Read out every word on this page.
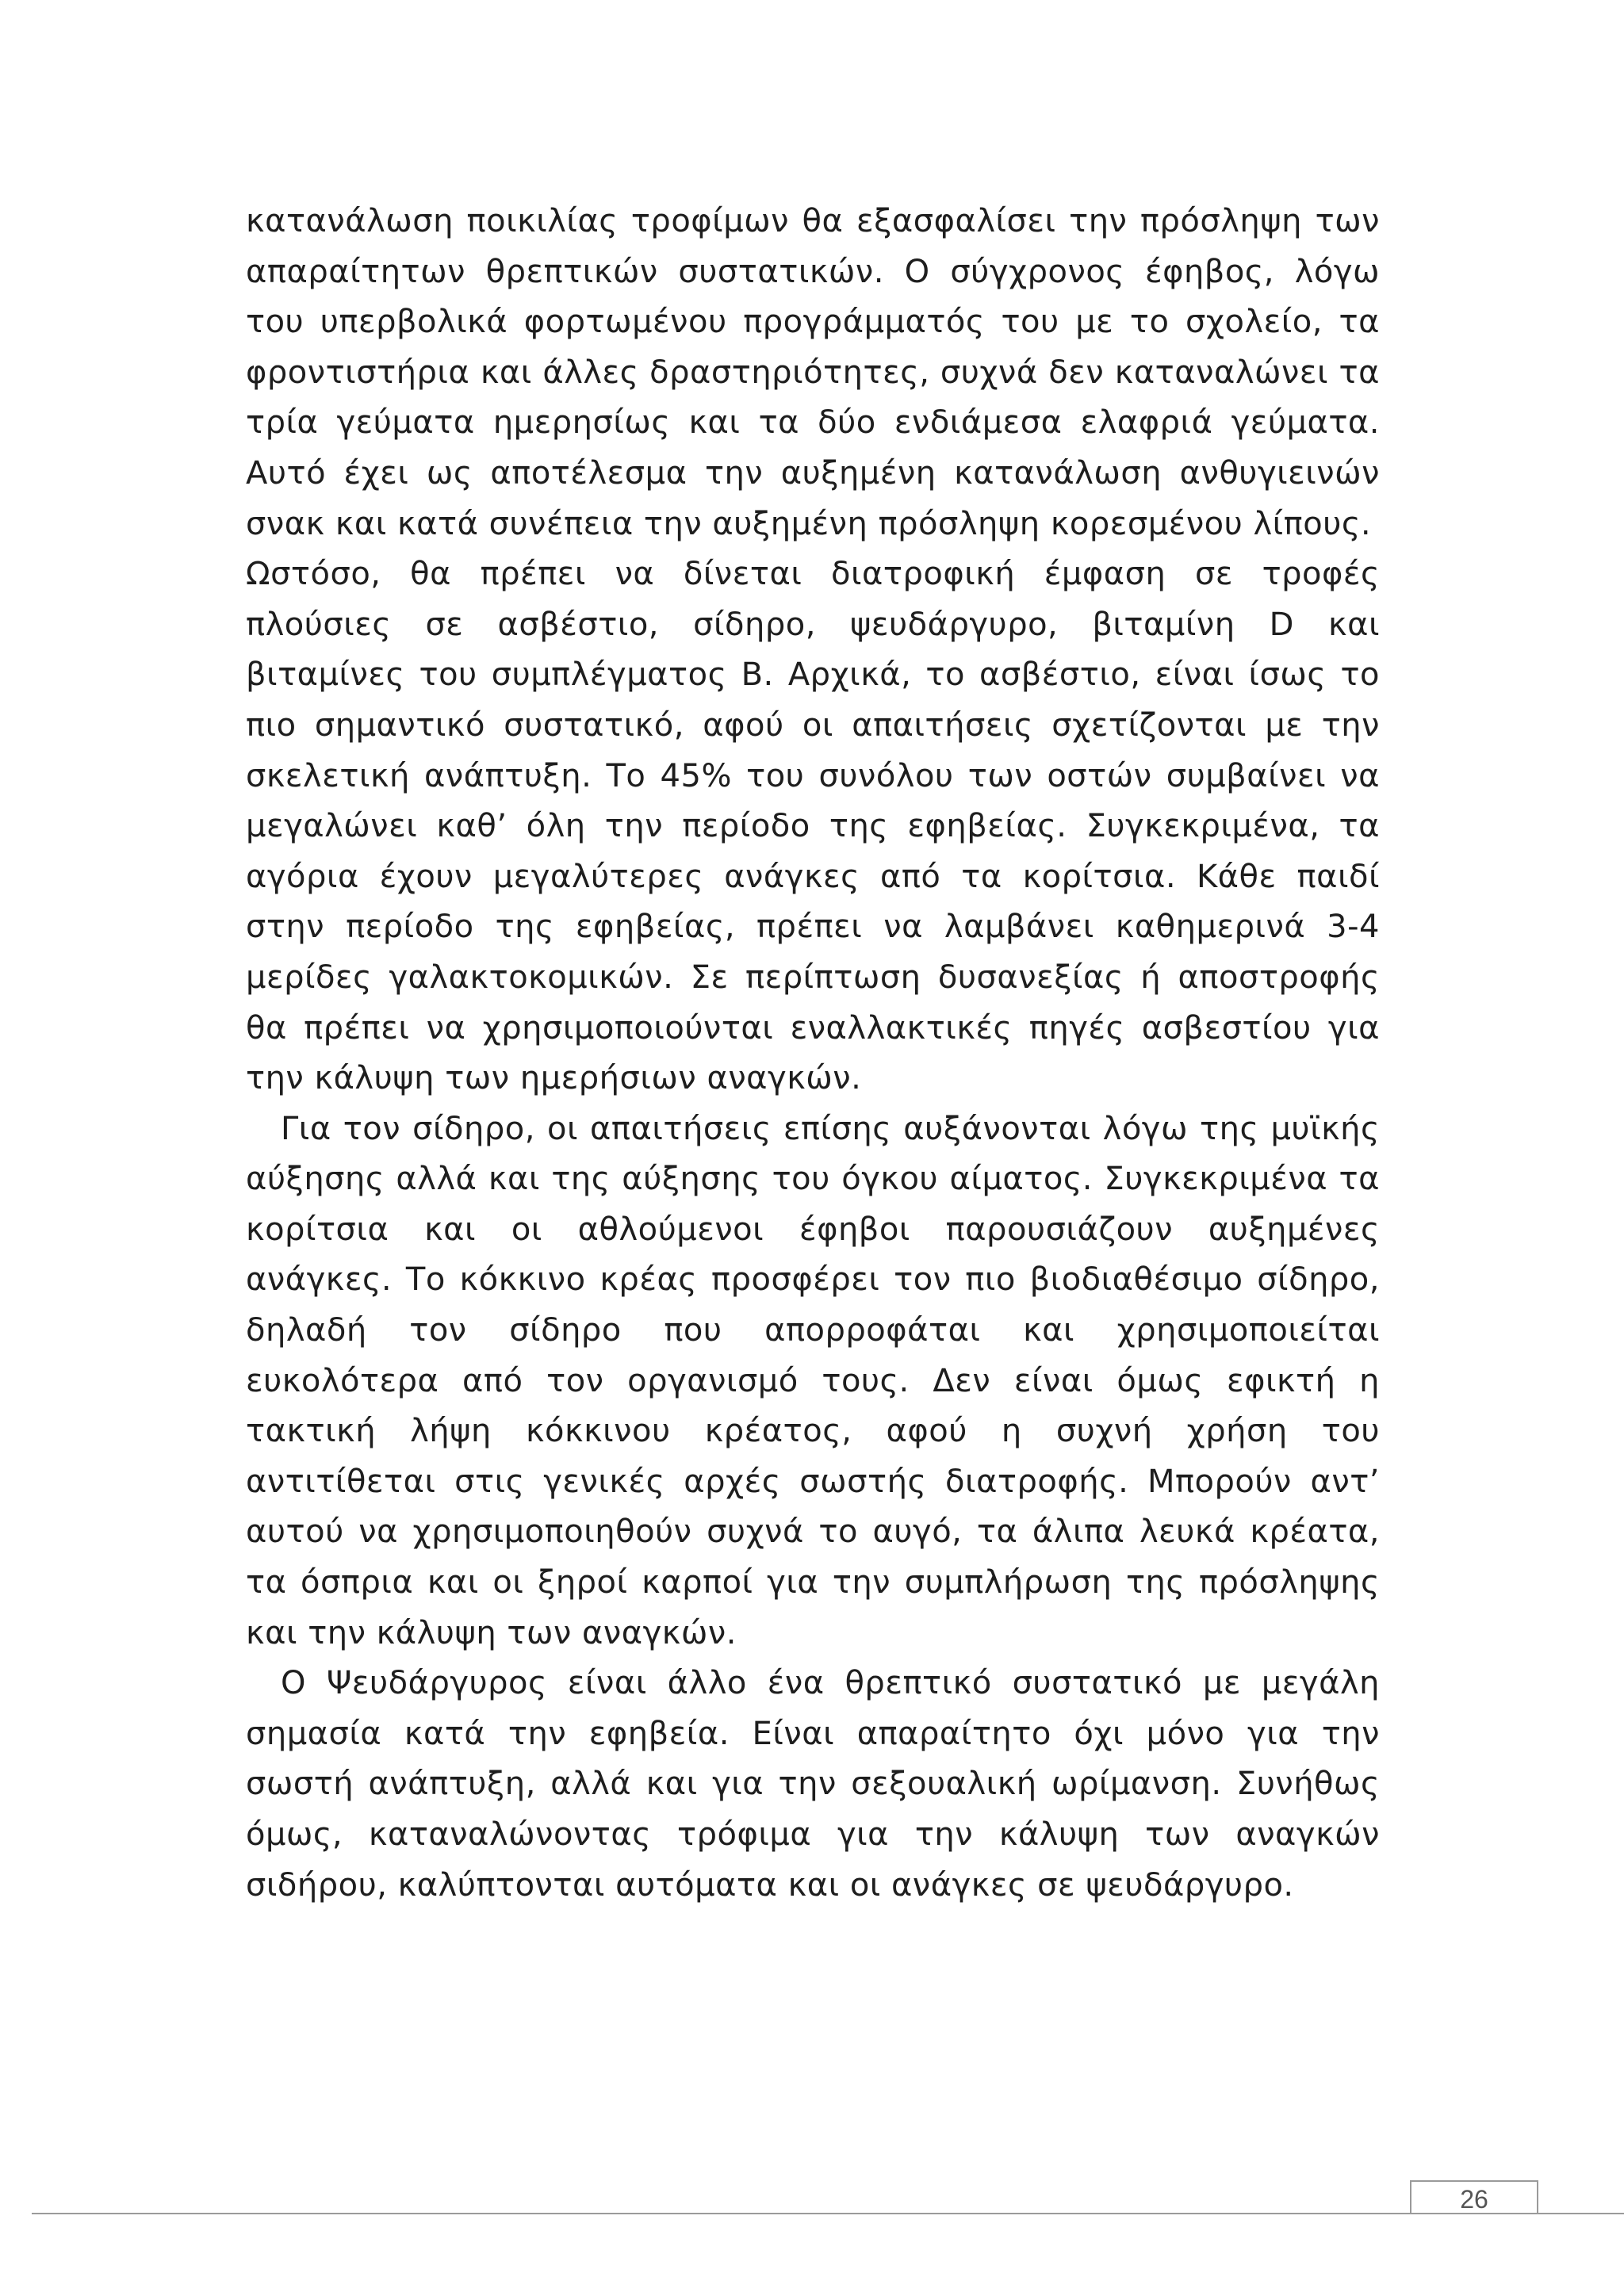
κατανάλωση ποικιλίας τροφίμων θα εξασφαλίσει την πρόσληψη των απαραίτητων θρεπτικών συστατικών. Ο σύγχρονος έφηβος, λόγω του υπερβολικά φορτωμένου προγράμματός του με το σχολείο, τα φροντιστήρια και άλλες δραστηριότητες, συχνά δεν καταναλώνει τα τρία γεύματα ημερησίως και τα δύο ενδιάμεσα ελαφριά γεύματα. Αυτό έχει ως αποτέλεσμα την αυξημένη κατανάλωση ανθυγιεινών σνακ και κατά συνέπεια την αυξημένη πρόσληψη κορεσμένου λίπους.

Ωστόσο, θα πρέπει να δίνεται διατροφική έμφαση σε τροφές πλούσιες σε ασβέστιο, σίδηρο, ψευδάργυρο, βιταμίνη D και βιταμίνες του συμπλέγματος Β. Αρχικά, το ασβέστιο, είναι ίσως το πιο σημαντικό συστατικό, αφού οι απαιτήσεις σχετίζονται με την σκελετική ανάπτυξη. Το 45% του συνόλου των οστών συμβαίνει να μεγαλώνει καθ’ όλη την περίοδο της εφηβείας. Συγκεκριμένα, τα αγόρια έχουν μεγαλύτερες ανάγκες από τα κορίτσια. Κάθε παιδί στην περίοδο της εφηβείας, πρέπει να λαμβάνει καθημερινά 3-4 μερίδες γαλακτοκομικών. Σε περίπτωση δυσανεξίας ή αποστροφής θα πρέπει να χρησιμοποιούνται εναλλακτικές πηγές ασβεστίου για την κάλυψη των ημερήσιων αναγκών.

Για τον σίδηρο, οι απαιτήσεις επίσης αυξάνονται λόγω της μυϊκής αύξησης αλλά και της αύξησης του όγκου αίματος. Συγκεκριμένα τα κορίτσια και οι αθλούμενοι έφηβοι παρουσιάζουν αυξημένες ανάγκες. Το κόκκινο κρέας προσφέρει τον πιο βιοδιαθέσιμο σίδηρο, δηλαδή τον σίδηρο που απορροφάται και χρησιμοποιείται ευκολότερα από τον οργανισμό τους. Δεν είναι όμως εφικτή η τακτική λήψη κόκκινου κρέατος, αφού η συχνή χρήση του αντιτίθεται στις γενικές αρχές σωστής διατροφής. Μπορούν αντ’ αυτού να χρησιμοποιηθούν συχνά το αυγό, τα άλιπα λευκά κρέατα, τα όσπρια και οι ξηροί καρποί για την συμπλήρωση της πρόσληψης και την κάλυψη των αναγκών.

Ο Ψευδάργυρος είναι άλλο ένα θρεπτικό συστατικό με μεγάλη σημασία κατά την εφηβεία. Είναι απαραίτητο όχι μόνο για την σωστή ανάπτυξη, αλλά και για την σεξουαλική ωρίμανση. Συνήθως όμως, καταναλώνοντας τρόφιμα για την κάλυψη των αναγκών σιδήρου, καλύπτονται αυτόματα και οι ανάγκες σε ψευδάργυρο.

26
